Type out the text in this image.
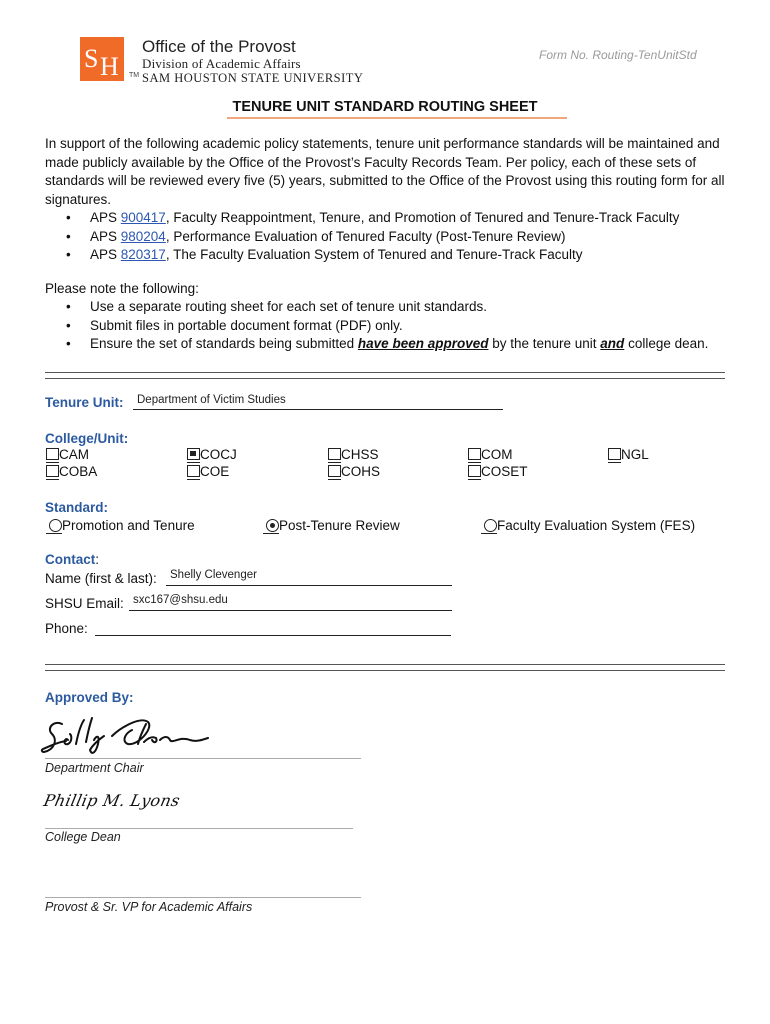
S H TM
Office of the Provost
Division of Academic Affairs
SAM HOUSTON STATE UNIVERSITY
Form No. Routing-TenUnitStd
TENURE UNIT STANDARD ROUTING SHEET
In support of the following academic policy statements, tenure unit performance standards will be maintained and made publicly available by the Office of the Provost’s Faculty Records Team. Per policy, each of these sets of standards will be reviewed every five (5) years, submitted to the Office of the Provost using this routing form for all signatures.
• APS 900417, Faculty Reappointment, Tenure, and Promotion of Tenured and Tenure-Track Faculty
• APS 980204, Performance Evaluation of Tenured Faculty (Post-Tenure Review)
• APS 820317, The Faculty Evaluation System of Tenured and Tenure-Track Faculty
Please note the following:
• Use a separate routing sheet for each set of tenure unit standards.
• Submit files in portable document format (PDF) only.
• Ensure the set of standards being submitted have been approved by the tenure unit and college dean.
Tenure Unit: Department of Victim Studies
College/Unit:
CAM
COBA
COCJ
COE
CHSS
COHS
COM
COSET
NGL
Standard:
Promotion and Tenure	Post-Tenure Review	Faculty Evaluation System (FES)
Contact:
Name (first & last): Shelly Clevenger
SHSU Email: sxc167@shsu.edu
Phone:
Approved By:
Department Chair
Phillip M. Lyons
College Dean
Provost & Sr. VP for Academic Affairs
